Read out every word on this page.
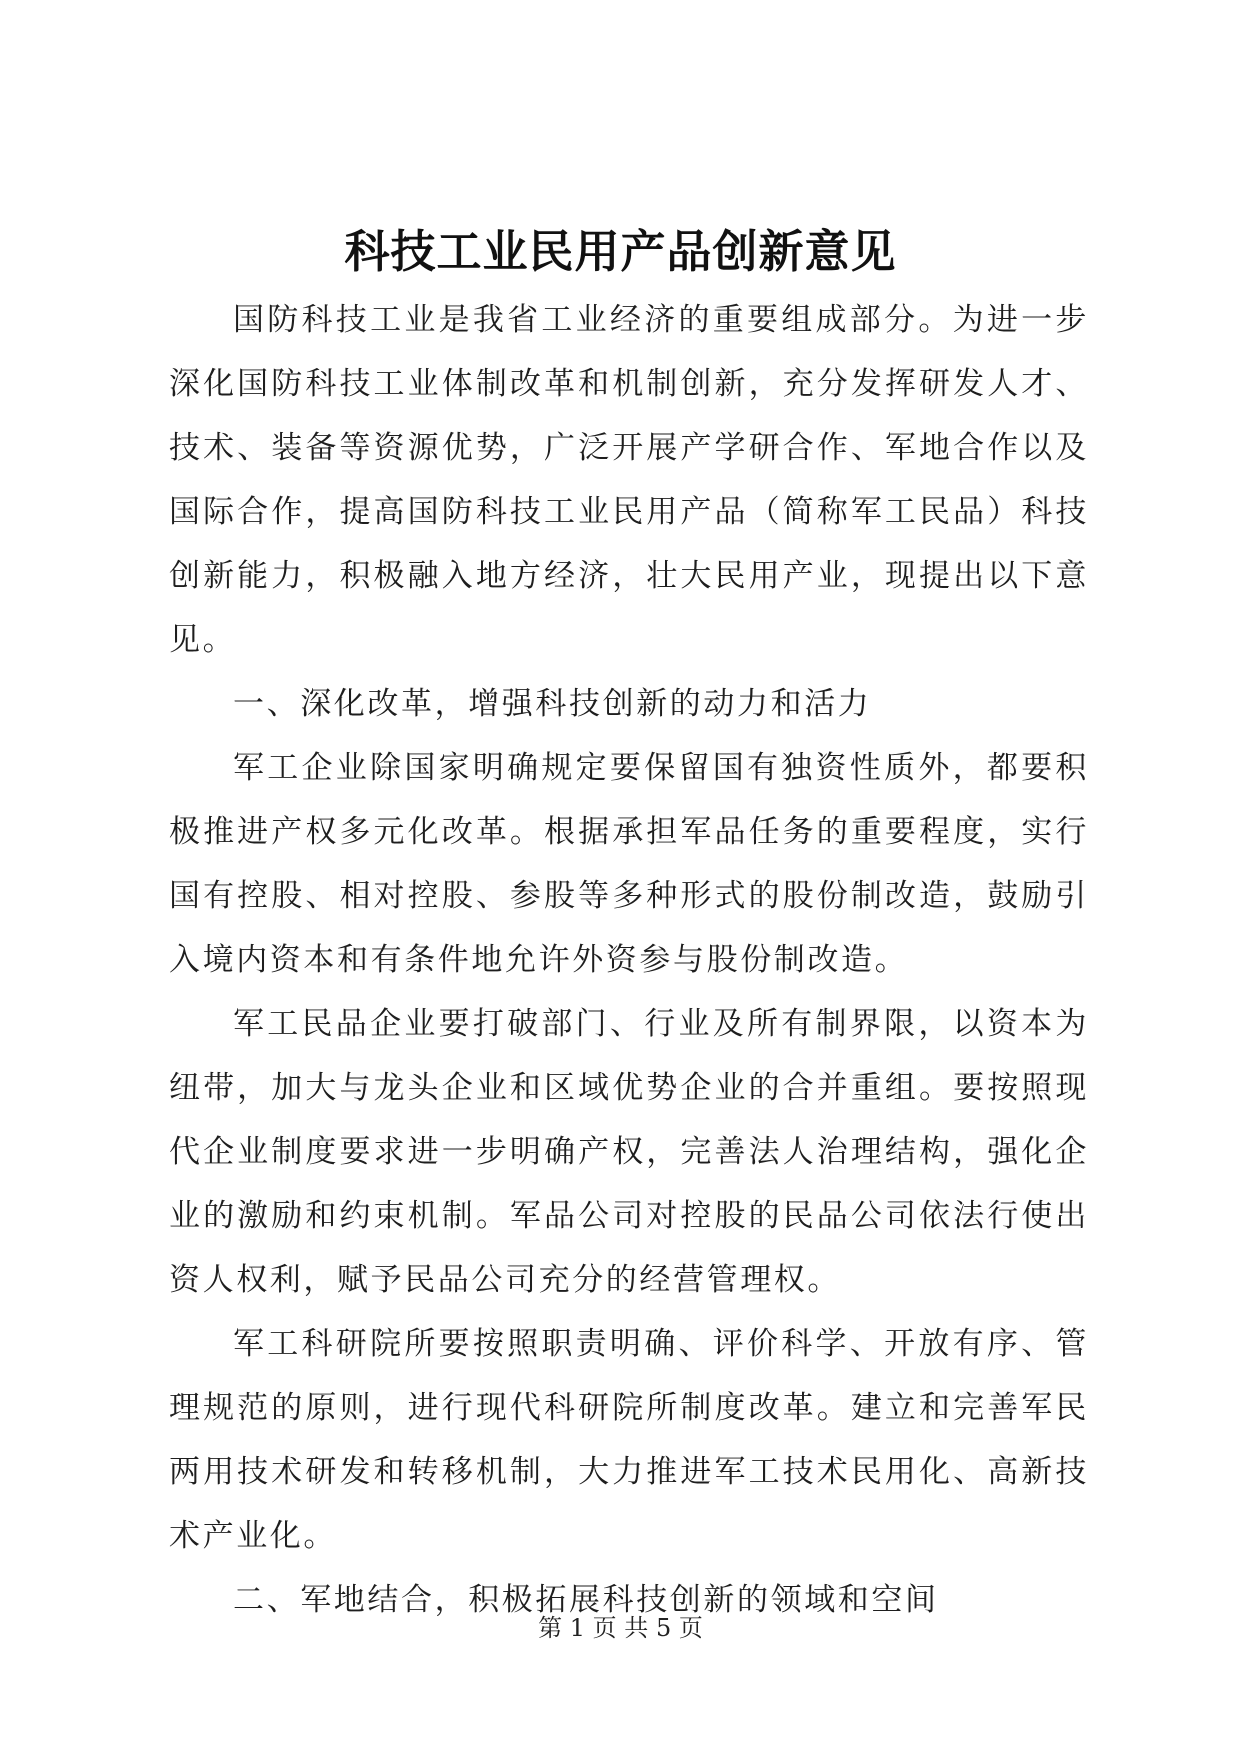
科技工业民用产品创新意见

国防科技工业是我省工业经济的重要组成部分。为进一步深化国防科技工业体制改革和机制创新，充分发挥研发人才、技术、装备等资源优势，广泛开展产学研合作、军地合作以及国际合作，提高国防科技工业民用产品（简称军工民品）科技创新能力，积极融入地方经济，壮大民用产业，现提出以下意见。

一、深化改革，增强科技创新的动力和活力

军工企业除国家明确规定要保留国有独资性质外，都要积极推进产权多元化改革。根据承担军品任务的重要程度，实行国有控股、相对控股、参股等多种形式的股份制改造，鼓励引入境内资本和有条件地允许外资参与股份制改造。

军工民品企业要打破部门、行业及所有制界限，以资本为纽带，加大与龙头企业和区域优势企业的合并重组。要按照现代企业制度要求进一步明确产权，完善法人治理结构，强化企业的激励和约束机制。军品公司对控股的民品公司依法行使出资人权利，赋予民品公司充分的经营管理权。

军工科研院所要按照职责明确、评价科学、开放有序、管理规范的原则，进行现代科研院所制度改革。建立和完善军民两用技术研发和转移机制，大力推进军工技术民用化、高新技术产业化。

二、军地结合，积极拓展科技创新的领域和空间

第 1 页 共 5 页
